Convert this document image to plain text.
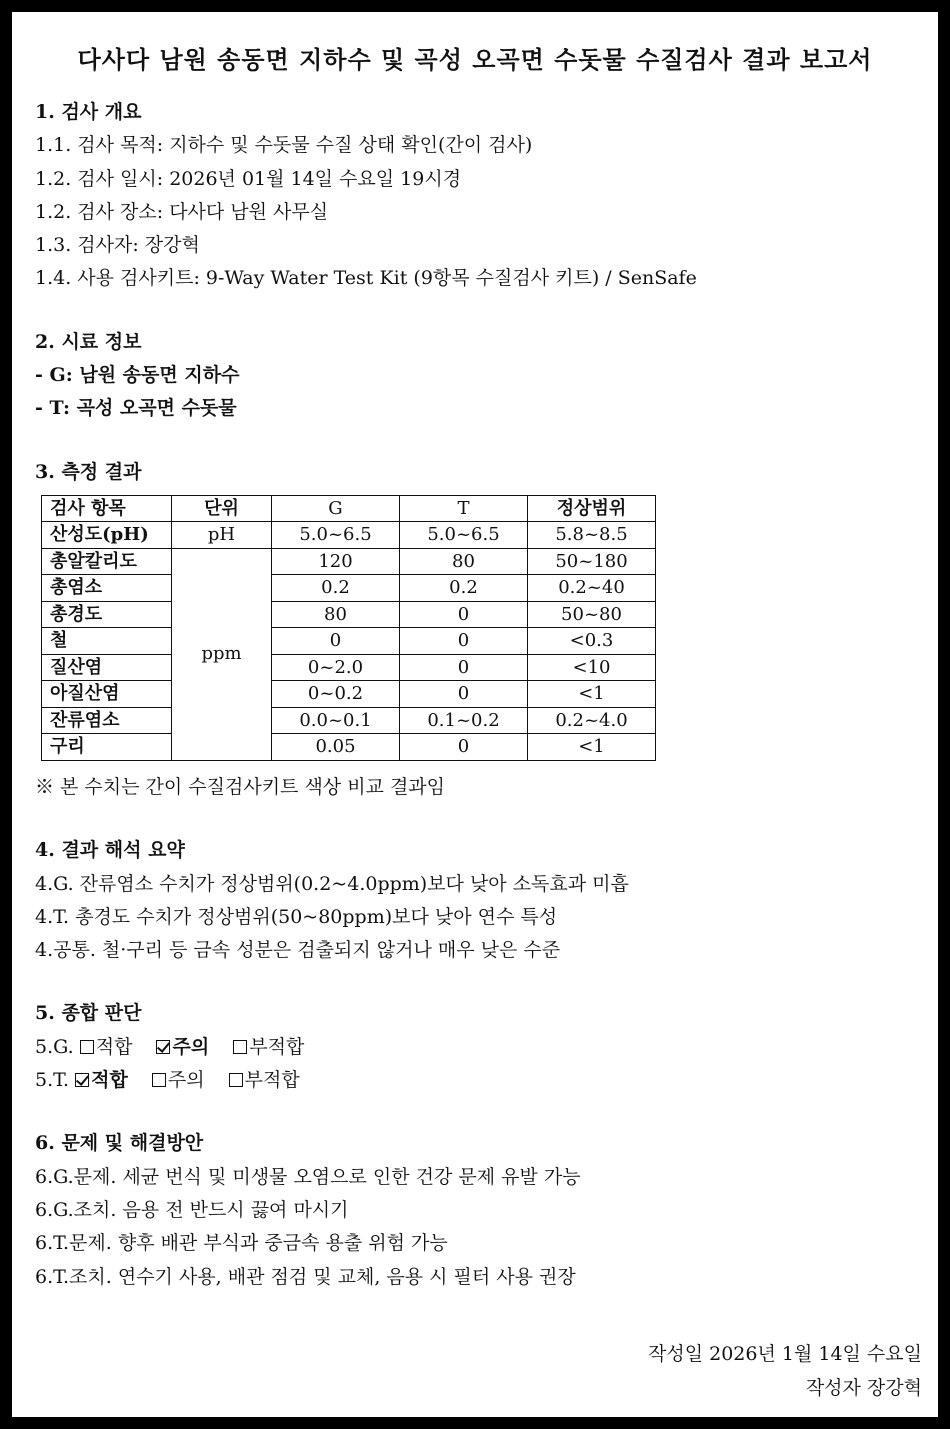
다사다 남원 송동면 지하수 및 곡성 오곡면 수돗물 수질검사 결과 보고서
1. 검사 개요
1.1. 검사 목적: 지하수 및 수돗물 수질 상태 확인(간이 검사)
1.2. 검사 일시: 2026년 01월 14일 수요일 19시경
1.2. 검사 장소: 다사다 남원 사무실
1.3. 검사자: 장강혁
1.4. 사용 검사키트: 9-Way Water Test Kit (9항목 수질검사 키트) / SenSafe
2. 시료 정보
- G: 남원 송동면 지하수
- T: 곡성 오곡면 수돗물
3. 측정 결과
검사 항목	단위	G	T	정상범위
산성도(pH)	pH	5.0~6.5	5.0~6.5	5.8~8.5
총알칼리도	ppm	120	80	50~180
총염소		0.2	0.2	0.2~40
총경도		80	0	50~80
철		0	0	<0.3
질산염		0~2.0	0	<10
아질산염		0~0.2	0	<1
잔류염소		0.0~0.1	0.1~0.2	0.2~4.0
구리		0.05	0	<1
※ 본 수치는 간이 수질검사키트 색상 비교 결과임
4. 결과 해석 요약
4.G. 잔류염소 수치가 정상범위(0.2~4.0ppm)보다 낮아 소독효과 미흡
4.T. 총경도 수치가 정상범위(50~80ppm)보다 낮아 연수 특성
4.공통. 철·구리 등 금속 성분은 검출되지 않거나 매우 낮은 수준
5. 종합 판단
5.G. 적합 주의 부적합
5.T. 적합 주의 부적합
6. 문제 및 해결방안
6.G.문제. 세균 번식 및 미생물 오염으로 인한 건강 문제 유발 가능
6.G.조치. 음용 전 반드시 끓여 마시기
6.T.문제. 향후 배관 부식과 중금속 용출 위험 가능
6.T.조치. 연수기 사용, 배관 점검 및 교체, 음용 시 필터 사용 권장
작성일 2026년 1월 14일 수요일
작성자 장강혁
